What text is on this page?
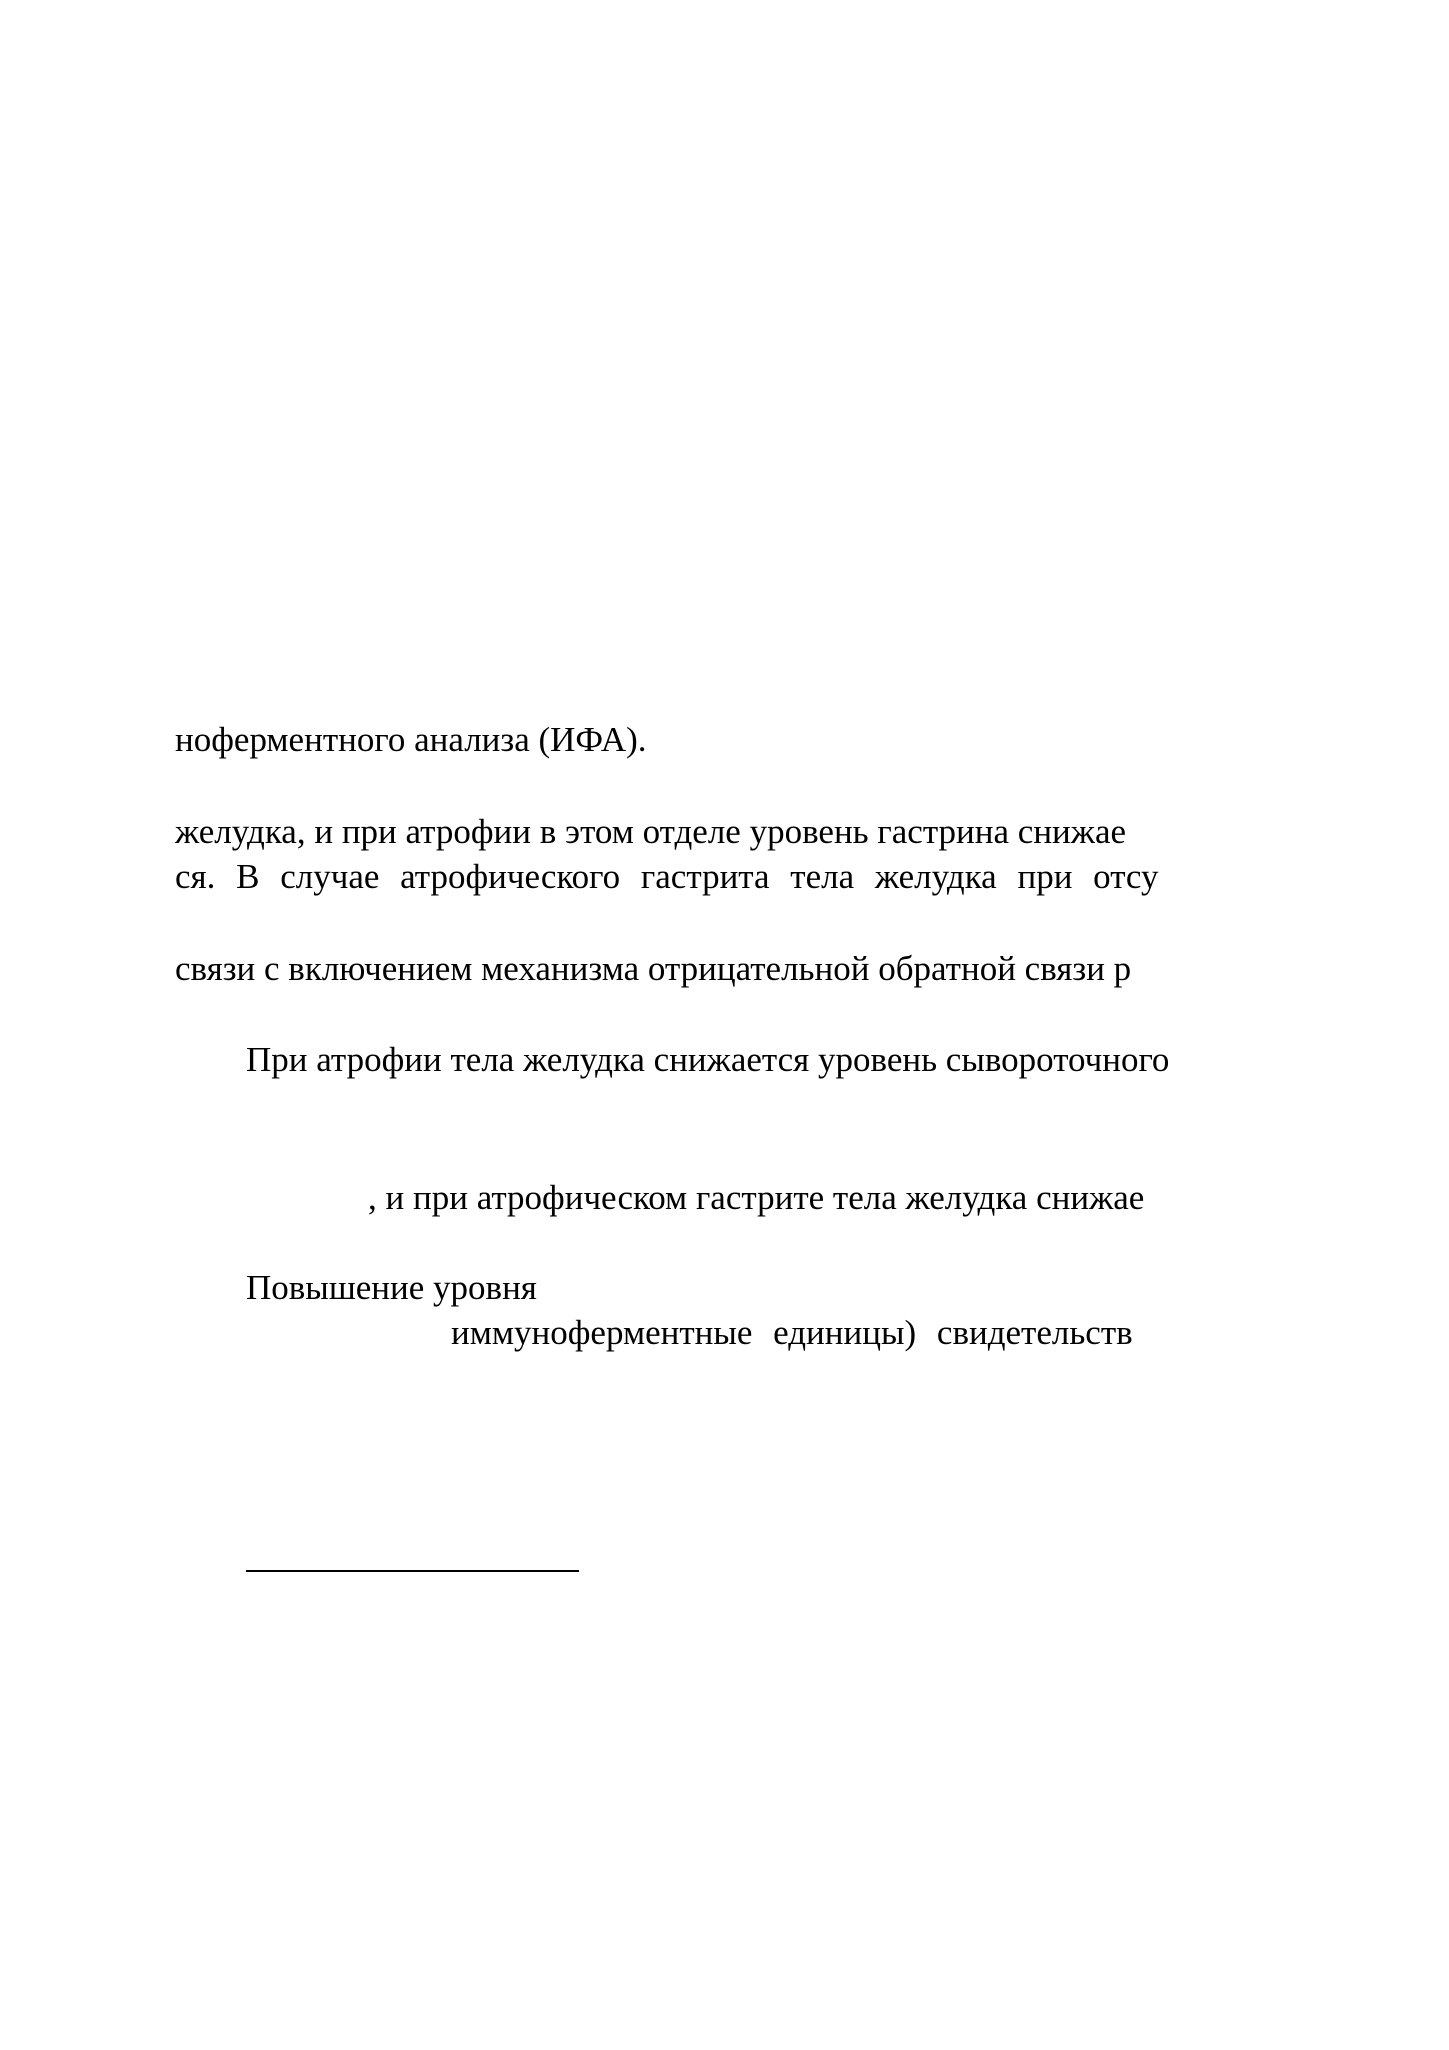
ноферментного анализа (ИФА).
желудка, и при атрофии в этом отделе уровень гастрина снижае
ся. В случае атрофического гастрита тела желудка при отсу
связи с включением механизма отрицательной обратной связи р
При атрофии тела желудка снижается уровень сывороточного
, и при атрофическом гастрите тела желудка снижае
Повышение уровня
иммуноферментные единицы) свидетельств
